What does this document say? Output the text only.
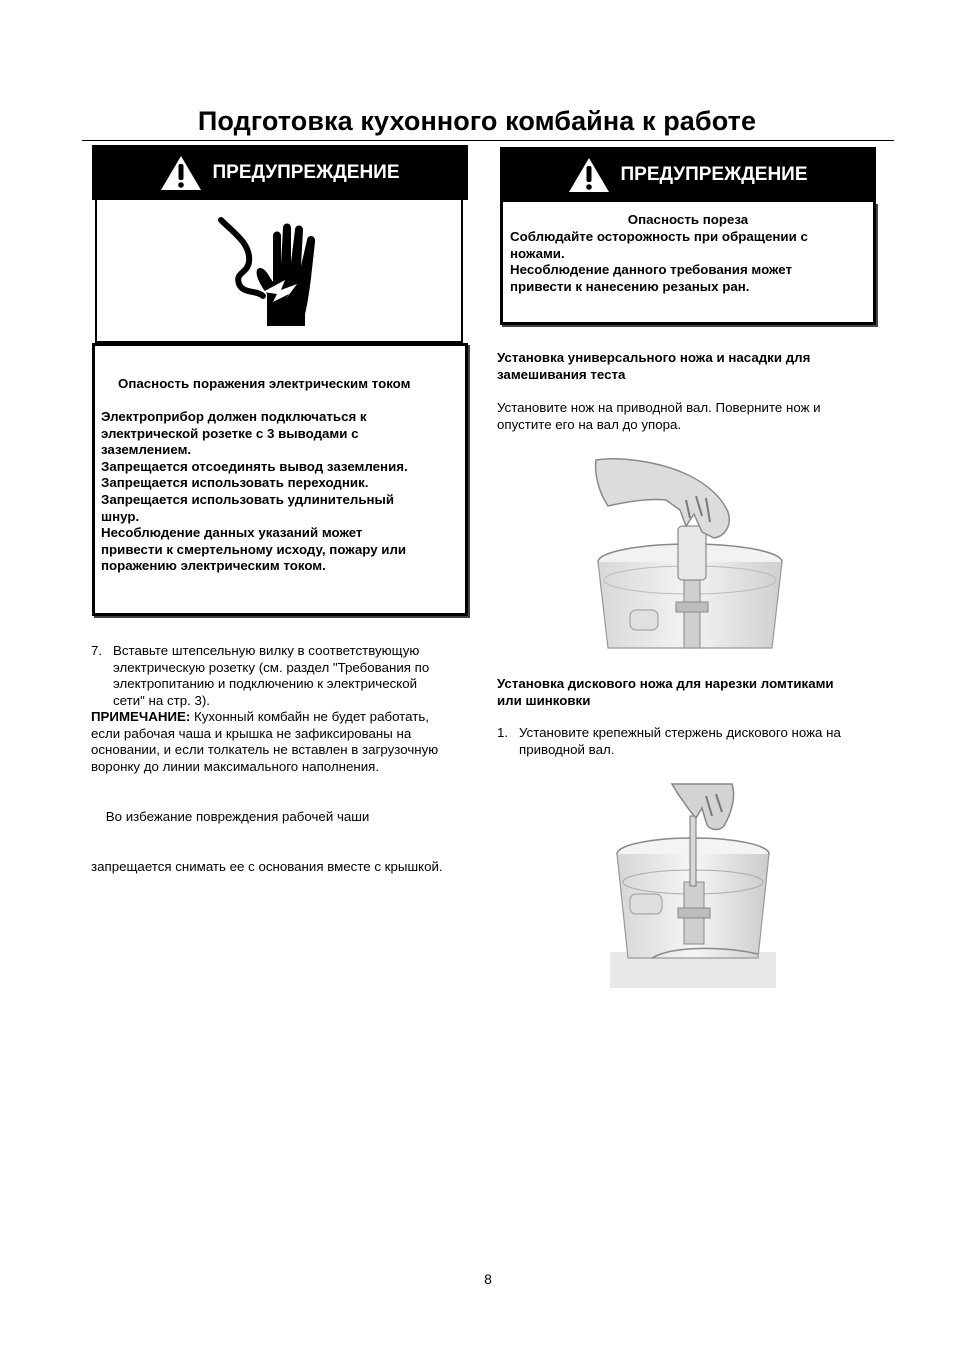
Подготовка кухонного комбайна к работе
ПРЕДУПРЕЖДЕНИЕ
Опасность поражения электрическим током
Электроприбор должен подключаться к
электрической розетке с 3 выводами с
заземлением.
Запрещается отсоединять вывод заземления.
Запрещается использовать переходник.
Запрещается использовать удлинительный
шнур.
Несоблюдение данных указаний может
привести к смертельному исходу, пожару или
поражению электрическим током.
ПРЕДУПРЕЖДЕНИЕ
Опасность пореза
Соблюдайте осторожность при обращении с
ножами.
Несоблюдение данного требования может
привести к нанесению резаных ран.
7. Вставьте штепсельную вилку в соответствующую
электрическую розетку (см. раздел "Требования по
электропитанию и подключению к электрической
сети" на стр. 3).
ПРИМЕЧАНИЕ: Кухонный комбайн не будет работать,
если рабочая чаша и крышка не зафиксированы на
основании, и если толкатель не вставлен в загрузочную
воронку до линии максимального наполнения.

Во избежание повреждения рабочей чаши

запрещается снимать ее с основания вместе с крышкой.

Установка универсального ножа и насадки для
замешивания теста
Установите нож на приводной вал. Поверните нож и
опустите его на вал до упора.
Установка дискового ножа для нарезки ломтиками
или шинковки
1. Установите крепежный стержень дискового ножа на
приводной вал.
8
